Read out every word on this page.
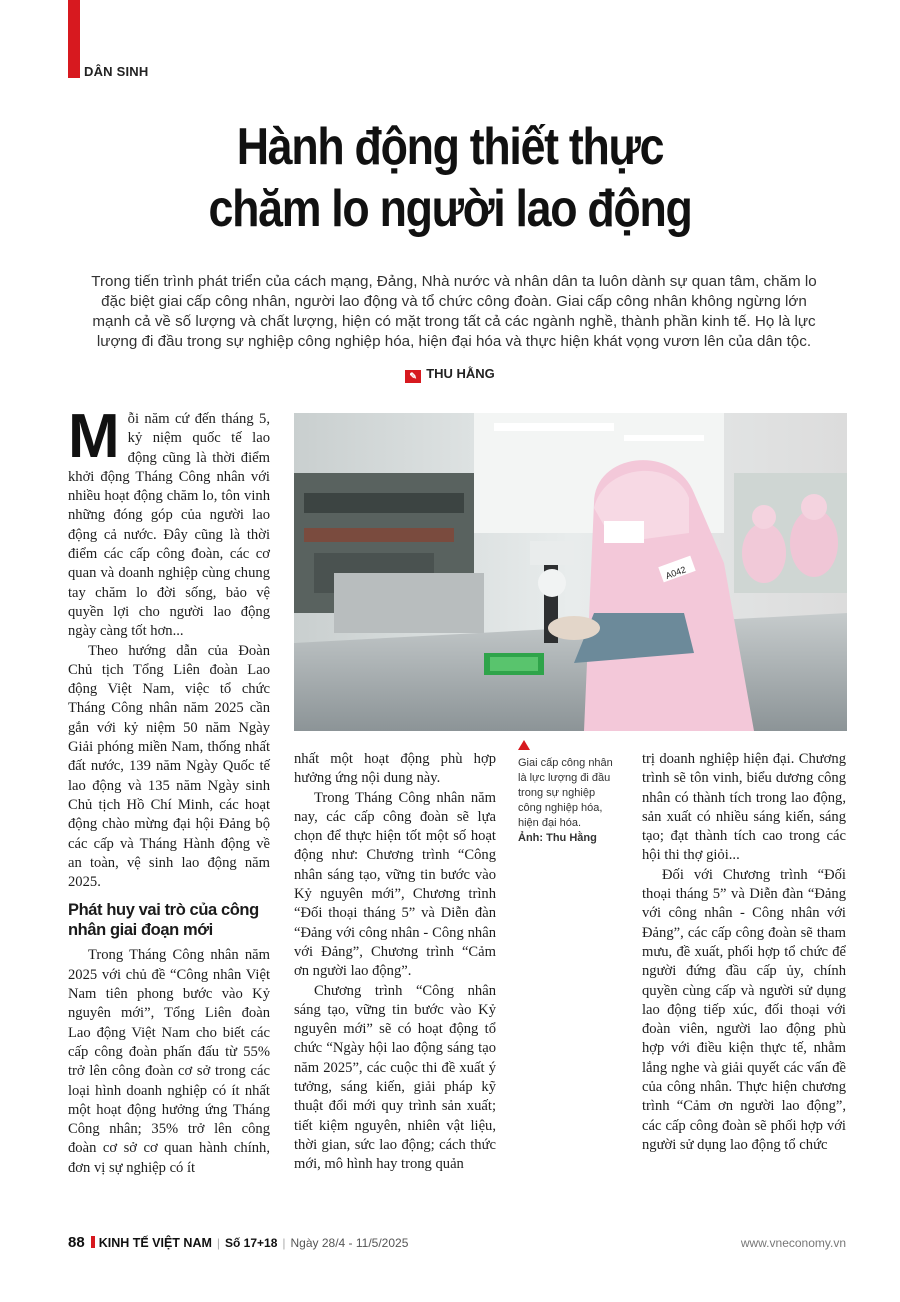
DÂN SINH
Hành động thiết thực
chăm lo người lao động
Trong tiến trình phát triển của cách mạng, Đảng, Nhà nước và nhân dân ta luôn dành sự quan tâm, chăm lo đặc biệt giai cấp công nhân, người lao động và tổ chức công đoàn. Giai cấp công nhân không ngừng lớn mạnh cả về số lượng và chất lượng, hiện có mặt trong tất cả các ngành nghề, thành phần kinh tế. Họ là lực lượng đi đầu trong sự nghiệp công nghiệp hóa, hiện đại hóa và thực hiện khát vọng vươn lên của dân tộc.
✎ THU HẰNG

Mỗi năm cứ đến tháng 5, kỷ niệm quốc tế lao động cũng là thời điểm khởi động Tháng Công nhân với nhiều hoạt động chăm lo, tôn vinh những đóng góp của người lao động cả nước. Đây cũng là thời điểm các cấp công đoàn, các cơ quan và doanh nghiệp cùng chung tay chăm lo đời sống, bảo vệ quyền lợi cho người lao động ngày càng tốt hơn...

Theo hướng dẫn của Đoàn Chủ tịch Tổng Liên đoàn Lao động Việt Nam, việc tổ chức Tháng Công nhân năm 2025 cần gắn với kỷ niệm 50 năm Ngày Giải phóng miền Nam, thống nhất đất nước, 139 năm Ngày Quốc tế lao động và 135 năm Ngày sinh Chủ tịch Hồ Chí Minh, các hoạt động chào mừng đại hội Đảng bộ các cấp và Tháng Hành động về an toàn, vệ sinh lao động năm 2025.

Phát huy vai trò của công nhân giai đoạn mới

Trong Tháng Công nhân năm 2025 với chủ đề “Công nhân Việt Nam tiên phong bước vào Kỷ nguyên mới”, Tổng Liên đoàn Lao động Việt Nam cho biết các cấp công đoàn phấn đấu từ 55% trở lên công đoàn cơ sở trong các loại hình doanh nghiệp có ít nhất một hoạt động hưởng ứng Tháng Công nhân; 35% trở lên công đoàn cơ sở cơ quan hành chính, đơn vị sự nghiệp có ít

A042
Giai cấp công nhân là lực lượng đi đầu trong sự nghiệp công nghiệp hóa, hiện đại hóa.
Ảnh: Thu Hằng

nhất một hoạt động phù hợp hưởng ứng nội dung này.

Trong Tháng Công nhân năm nay, các cấp công đoàn sẽ lựa chọn để thực hiện tốt một số hoạt động như: Chương trình “Công nhân sáng tạo, vững tin bước vào Kỷ nguyên mới”, Chương trình “Đối thoại tháng 5” và Diễn đàn “Đảng với công nhân - Công nhân với Đảng”, Chương trình “Cảm ơn người lao động”.

Chương trình “Công nhân sáng tạo, vững tin bước vào Kỷ nguyên mới” sẽ có hoạt động tổ chức “Ngày hội lao động sáng tạo năm 2025”, các cuộc thi đề xuất ý tưởng, sáng kiến, giải pháp kỹ thuật đổi mới quy trình sản xuất; tiết kiệm nguyên, nhiên vật liệu, thời gian, sức lao động; cách thức mới, mô hình hay trong quản

trị doanh nghiệp hiện đại. Chương trình sẽ tôn vinh, biểu dương công nhân có thành tích trong lao động, sản xuất có nhiều sáng kiến, sáng tạo; đạt thành tích cao trong các hội thi thợ giỏi...

Đối với Chương trình “Đối thoại tháng 5” và Diễn đàn “Đảng với công nhân - Công nhân với Đảng”, các cấp công đoàn sẽ tham mưu, đề xuất, phối hợp tổ chức để người đứng đầu cấp ủy, chính quyền cùng cấp và người sử dụng lao động tiếp xúc, đối thoại với đoàn viên, người lao động phù hợp với điều kiện thực tế, nhằm lắng nghe và giải quyết các vấn đề của công nhân. Thực hiện chương trình “Cảm ơn người lao động”, các cấp công đoàn sẽ phối hợp với người sử dụng lao động tổ chức

88 KINH TẾ VIỆT NAM | Số 17+18 | Ngày 28/4 - 11/5/2025	www.vneconomy.vn
